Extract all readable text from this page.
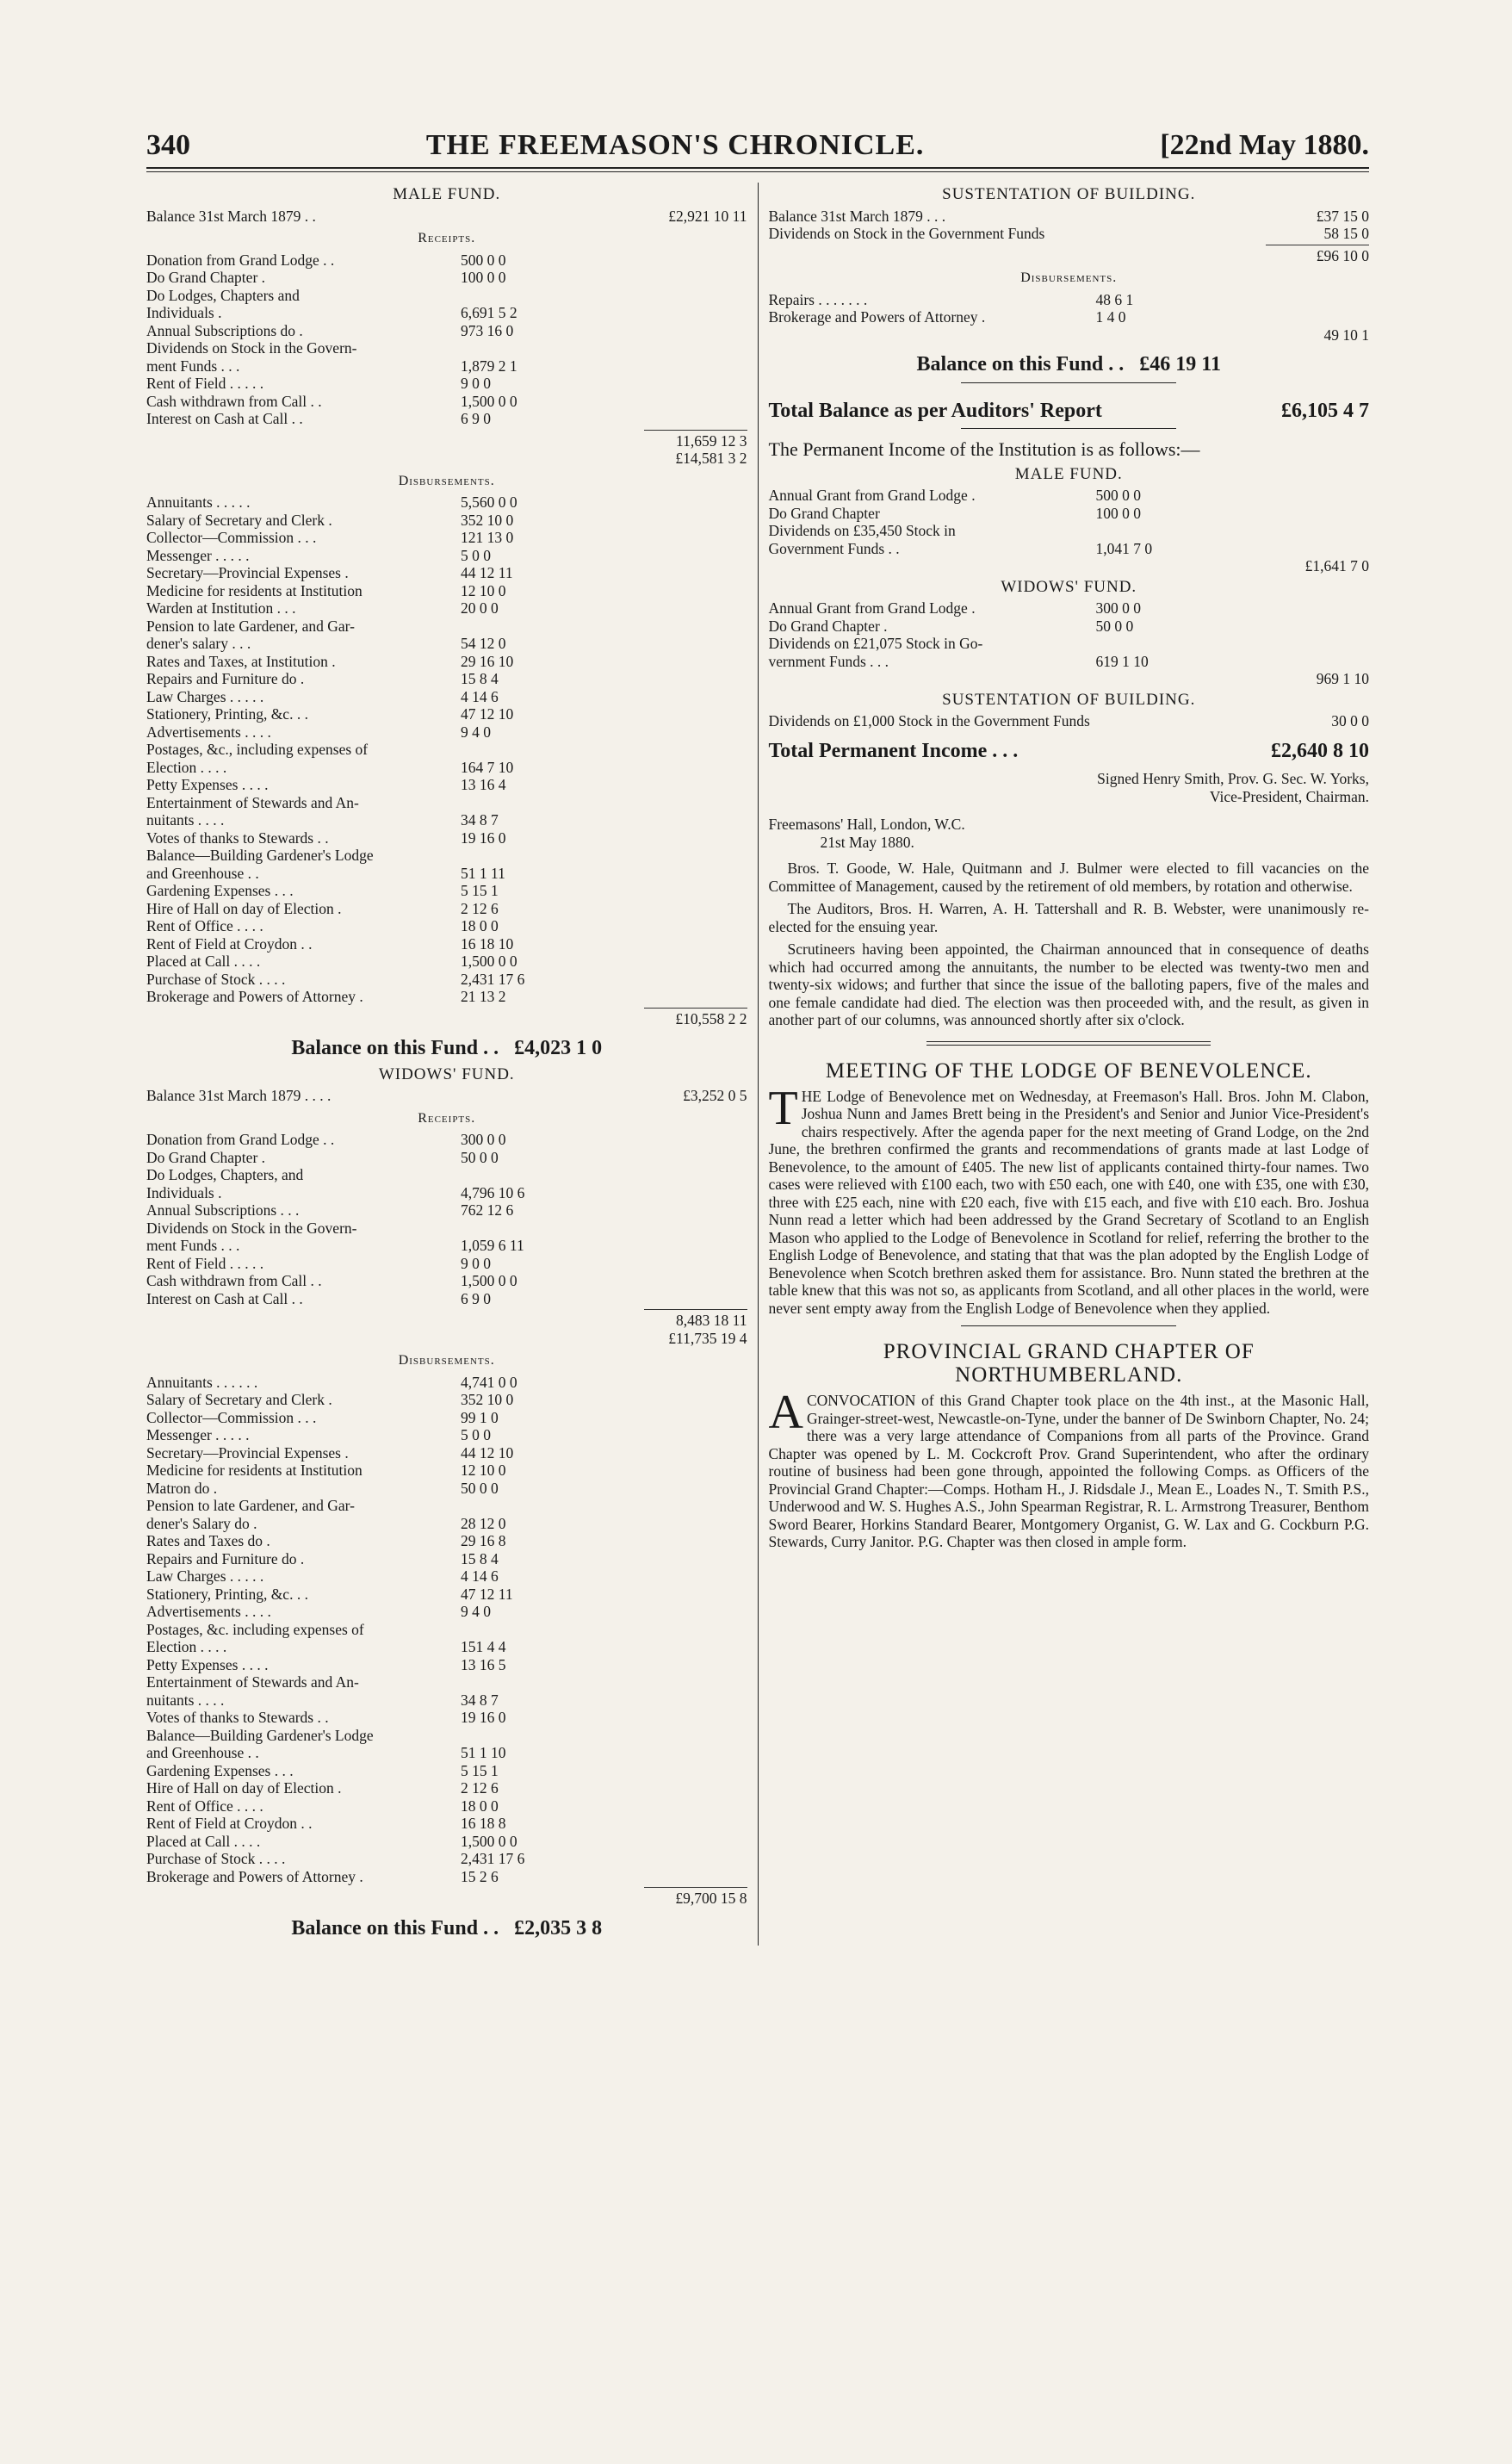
340	THE FREEMASON'S CHRONICLE.	[22nd May 1880.
MALE FUND.
Balance 31st March 1879 . .	£2,921 10 11
Receipts.
Donation from Grand Lodge . .	500 0 0
Do Grand Chapter .	100 0 0
Do Lodges, Chapters and
Individuals .	6,691 5 2
Annual Subscriptions do .	973 16 0
Dividends on Stock in the Govern-
ment Funds . . .	1,879 2 1
Rent of Field . . . . .	9 0 0
Cash withdrawn from Call . .	1,500 0 0
Interest on Cash at Call . .	6 9 0
11,659 12 3
£14,581 3 2
Disbursements.
Annuitants . . . . .	5,560 0 0
Salary of Secretary and Clerk .	352 10 0
Collector—Commission . . .	121 13 0
Messenger . . . . .	5 0 0
Secretary—Provincial Expenses .	44 12 11
Medicine for residents at Institution	12 10 0
Warden at Institution . . .	20 0 0
Pension to late Gardener, and Gar-
dener's salary . . .	54 12 0
Rates and Taxes, at Institution .	29 16 10
Repairs and Furniture do .	15 8 4
Law Charges . . . . .	4 14 6
Stationery, Printing, &c. . .	47 12 10
Advertisements . . . .	9 4 0
Postages, &c., including expenses of
Election . . . .	164 7 10
Petty Expenses . . . .	13 16 4
Entertainment of Stewards and An-
nuitants . . . .	34 8 7
Votes of thanks to Stewards . .	19 16 0
Balance—Building Gardener's Lodge
and Greenhouse . .	51 1 11
Gardening Expenses . . .	5 15 1
Hire of Hall on day of Election .	2 12 6
Rent of Office . . . .	18 0 0
Rent of Field at Croydon . .	16 18 10
Placed at Call . . . .	1,500 0 0
Purchase of Stock . . . .	2,431 17 6
Brokerage and Powers of Attorney .	21 13 2
£10,558 2 2
Balance on this Fund . . £4,023 1 0
WIDOWS' FUND.
Balance 31st March 1879 . . . .	£3,252 0 5
Receipts.
Donation from Grand Lodge . .	300 0 0
Do Grand Chapter .	50 0 0
Do Lodges, Chapters, and
Individuals .	4,796 10 6
Annual Subscriptions . . .	762 12 6
Dividends on Stock in the Govern-
ment Funds . . .	1,059 6 11
Rent of Field . . . . .	9 0 0
Cash withdrawn from Call . .	1,500 0 0
Interest on Cash at Call . .	6 9 0
8,483 18 11
£11,735 19 4
Disbursements.
Annuitants . . . . . .	4,741 0 0
Salary of Secretary and Clerk .	352 10 0
Collector—Commission . . .	99 1 0
Messenger . . . . .	5 0 0
Secretary—Provincial Expenses .	44 12 10
Medicine for residents at Institution	12 10 0
Matron do .	50 0 0
Pension to late Gardener, and Gar-
dener's Salary do .	28 12 0
Rates and Taxes do .	29 16 8
Repairs and Furniture do .	15 8 4
Law Charges . . . . .	4 14 6
Stationery, Printing, &c. . .	47 12 11
Advertisements . . . .	9 4 0
Postages, &c. including expenses of
Election . . . .	151 4 4
Petty Expenses . . . .	13 16 5
Entertainment of Stewards and An-
nuitants . . . .	34 8 7
Votes of thanks to Stewards . .	19 16 0
Balance—Building Gardener's Lodge
and Greenhouse . .	51 1 10
Gardening Expenses . . .	5 15 1
Hire of Hall on day of Election .	2 12 6
Rent of Office . . . .	18 0 0
Rent of Field at Croydon . .	16 18 8
Placed at Call . . . .	1,500 0 0
Purchase of Stock . . . .	2,431 17 6
Brokerage and Powers of Attorney .	15 2 6
£9,700 15 8
Balance on this Fund . . £2,035 3 8
SUSTENTATION OF BUILDING.
Balance 31st March 1879 . . .	£37 15 0
Dividends on Stock in the Government Funds	58 15 0
£96 10 0
Disbursements.
Repairs . . . . . . .	48 6 1
Brokerage and Powers of Attorney .	1 4 0
49 10 1
Balance on this Fund . . £46 19 11
Total Balance as per Auditors' Report	£6,105 4 7
The Permanent Income of the Institution is as follows:—
MALE FUND.
Annual Grant from Grand Lodge .	500 0 0
Do Grand Chapter	100 0 0
Dividends on £35,450 Stock in
Government Funds . .	1,041 7 0
£1,641 7 0
WIDOWS' FUND.
Annual Grant from Grand Lodge .	300 0 0
Do Grand Chapter .	50 0 0
Dividends on £21,075 Stock in Go-
vernment Funds . . .	619 1 10
969 1 10
SUSTENTATION OF BUILDING.
Dividends on £1,000 Stock in the Government Funds	30 0 0
Total Permanent Income . . .	£2,640 8 10
Signed Henry Smith, Prov. G. Sec. W. Yorks,
Vice-President, Chairman.
Freemasons' Hall, London, W.C.
21st May 1880.
Bros. T. Goode, W. Hale, Quitmann and J. Bulmer were elected to fill vacancies on the Committee of Management, caused by the retirement of old members, by rotation and otherwise.
The Auditors, Bros. H. Warren, A. H. Tattershall and R. B. Webster, were unanimously re-elected for the ensuing year.
Scrutineers having been appointed, the Chairman announced that in consequence of deaths which had occurred among the annuitants, the number to be elected was twenty-two men and twenty-six widows; and further that since the issue of the balloting papers, five of the males and one female candidate had died. The election was then proceeded with, and the result, as given in another part of our columns, was announced shortly after six o'clock.
MEETING OF THE LODGE OF BENEVOLENCE.
THE Lodge of Benevolence met on Wednesday, at Freemason's Hall. Bros. John M. Clabon, Joshua Nunn and James Brett being in the President's and Senior and Junior Vice-President's chairs respectively. After the agenda paper for the next meeting of Grand Lodge, on the 2nd June, the brethren confirmed the grants and recommendations of grants made at last Lodge of Benevolence, to the amount of £405. The new list of applicants contained thirty-four names. Two cases were relieved with £100 each, two with £50 each, one with £40, one with £35, one with £30, three with £25 each, nine with £20 each, five with £15 each, and five with £10 each. Bro. Joshua Nunn read a letter which had been addressed by the Grand Secretary of Scotland to an English Mason who applied to the Lodge of Benevolence in Scotland for relief, referring the brother to the English Lodge of Benevolence, and stating that that was the plan adopted by the English Lodge of Benevolence when Scotch brethren asked them for assistance. Bro. Nunn stated the brethren at the table knew that this was not so, as applicants from Scotland, and all other places in the world, were never sent empty away from the English Lodge of Benevolence when they applied.
PROVINCIAL GRAND CHAPTER OF NORTHUMBERLAND.
ACONVOCATION of this Grand Chapter took place on the 4th inst., at the Masonic Hall, Grainger-street-west, Newcastle-on-Tyne, under the banner of De Swinborn Chapter, No. 24; there was a very large attendance of Companions from all parts of the Province. Grand Chapter was opened by L. M. Cockcroft Prov. Grand Superintendent, who after the ordinary routine of business had been gone through, appointed the following Comps. as Officers of the Provincial Grand Chapter:—Comps. Hotham H., J. Ridsdale J., Mean E., Loades N., T. Smith P.S., Underwood and W. S. Hughes A.S., John Spearman Registrar, R. L. Armstrong Treasurer, Benthom Sword Bearer, Horkins Standard Bearer, Montgomery Organist, G. W. Lax and G. Cockburn P.G. Stewards, Curry Janitor. P.G. Chapter was then closed in ample form.
